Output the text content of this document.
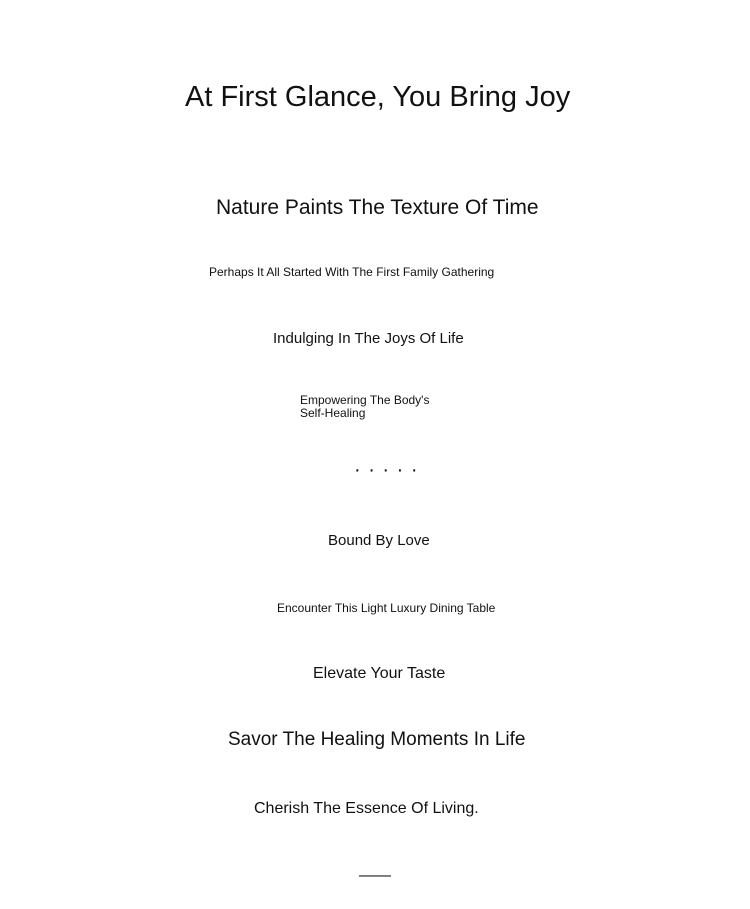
At First Glance, You Bring Joy
Nature Paints The Texture Of Time
Perhaps It All Started With The First Family Gathering
Indulging In The Joys Of Life
Empowering The Body's Self-Healing
· · · · ·
Bound By Love
Encounter This Light Luxury Dining Table
Elevate Your Taste
Savor The Healing Moments In Life
Cherish The Essence Of Living.
——
